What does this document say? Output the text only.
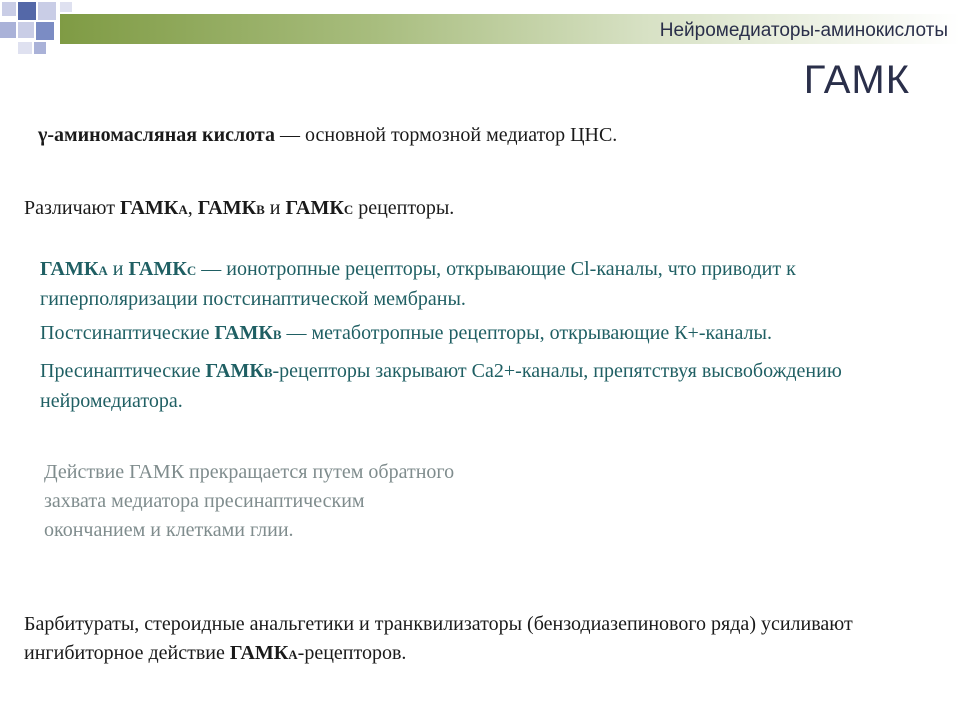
Нейромедиаторы-аминокислоты
ГАМК
γ-аминомасляная кислота — основной тормозной медиатор ЦНС.
Различают ГАМКА, ГАМКВ и ГАМКС рецепторы.
ГАМКА и ГАМКС — ионотропные рецепторы, открывающие Cl-каналы, что приводит к гиперполяризации постсинаптической мембраны.
Постсинаптические ГАМКВ — метаботропные рецепторы, открывающие К+-каналы.
Пресинаптические ГАМКВ-рецепторы закрывают Са2+-каналы, препятствуя высвобождению нейромедиатора.
Действие ГАМК прекращается путем обратного захвата медиатора пресинаптическим окончанием и клетками глии.
Барбитураты, стероидные анальгетики и транквилизаторы (бензодиазепинового ряда) усиливают ингибиторное действие ГАМКА-рецепторов.
